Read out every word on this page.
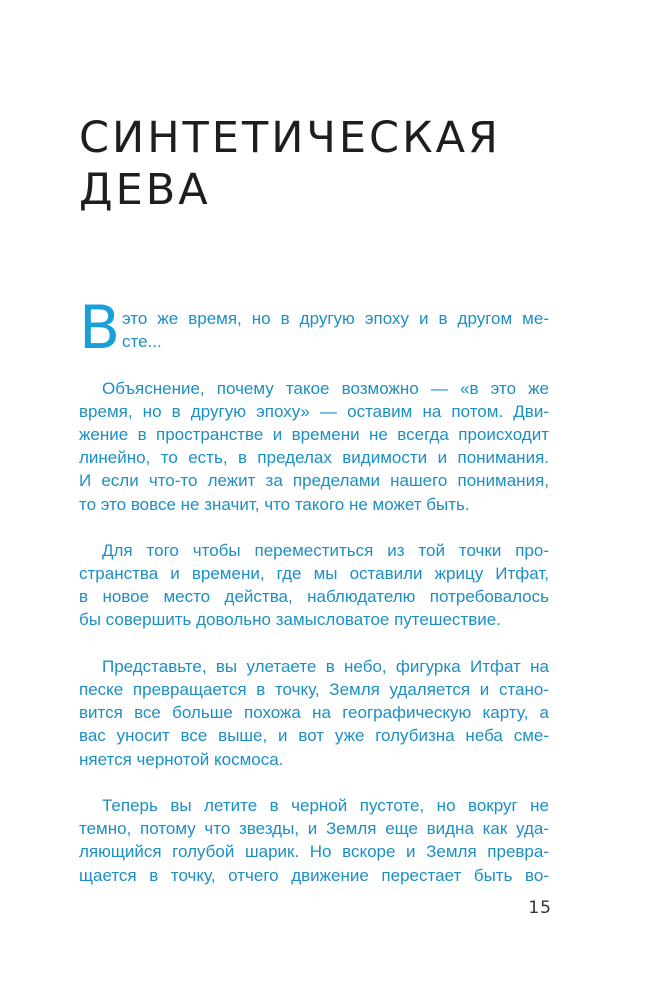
СИНТЕТИЧЕСКАЯ
ДЕВА
В это же время, но в другую эпоху и в другом ме-
сте...
Объяснение, почему такое возможно — «в это же
время, но в другую эпоху» — оставим на потом. Дви-
жение в пространстве и времени не всегда происходит
линейно, то есть, в пределах видимости и понимания.
И если что-то лежит за пределами нашего понимания,
то это вовсе не значит, что такого не может быть.
Для того чтобы переместиться из той точки про-
странства и времени, где мы оставили жрицу Итфат,
в новое место действа, наблюдателю потребовалось
бы совершить довольно замысловатое путешествие.
Представьте, вы улетаете в небо, фигурка Итфат на
песке превращается в точку, Земля удаляется и стано-
вится все больше похожа на географическую карту, а
вас уносит все выше, и вот уже голубизна неба сме-
няется чернотой космоса.
Теперь вы летите в черной пустоте, но вокруг не
темно, потому что звезды, и Земля еще видна как уда-
ляющийся голубой шарик. Но вскоре и Земля превра-
щается в точку, отчего движение перестает быть во-
15
